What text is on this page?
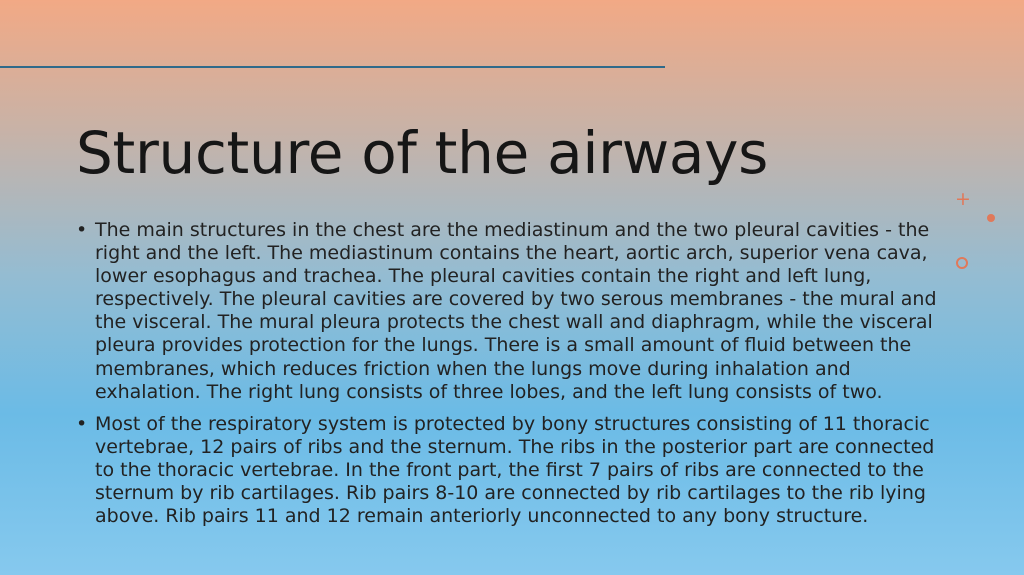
Structure of the airways
• The main structures in the chest are the mediastinum and the two pleural cavities - the right and the left. The mediastinum contains the heart, aortic arch, superior vena cava, lower esophagus and trachea. The pleural cavities contain the right and left lung, respectively. The pleural cavities are covered by two serous membranes - the mural and the visceral. The mural pleura protects the chest wall and diaphragm, while the visceral pleura provides protection for the lungs. There is a small amount of fluid between the membranes, which reduces friction when the lungs move during inhalation and exhalation. The right lung consists of three lobes, and the left lung consists of two.
• Most of the respiratory system is protected by bony structures consisting of 11 thoracic vertebrae, 12 pairs of ribs and the sternum. The ribs in the posterior part are connected to the thoracic vertebrae. In the front part, the first 7 pairs of ribs are connected to the sternum by rib cartilages. Rib pairs 8-10 are connected by rib cartilages to the rib lying above. Rib pairs 11 and 12 remain anteriorly unconnected to any bony structure.
+
